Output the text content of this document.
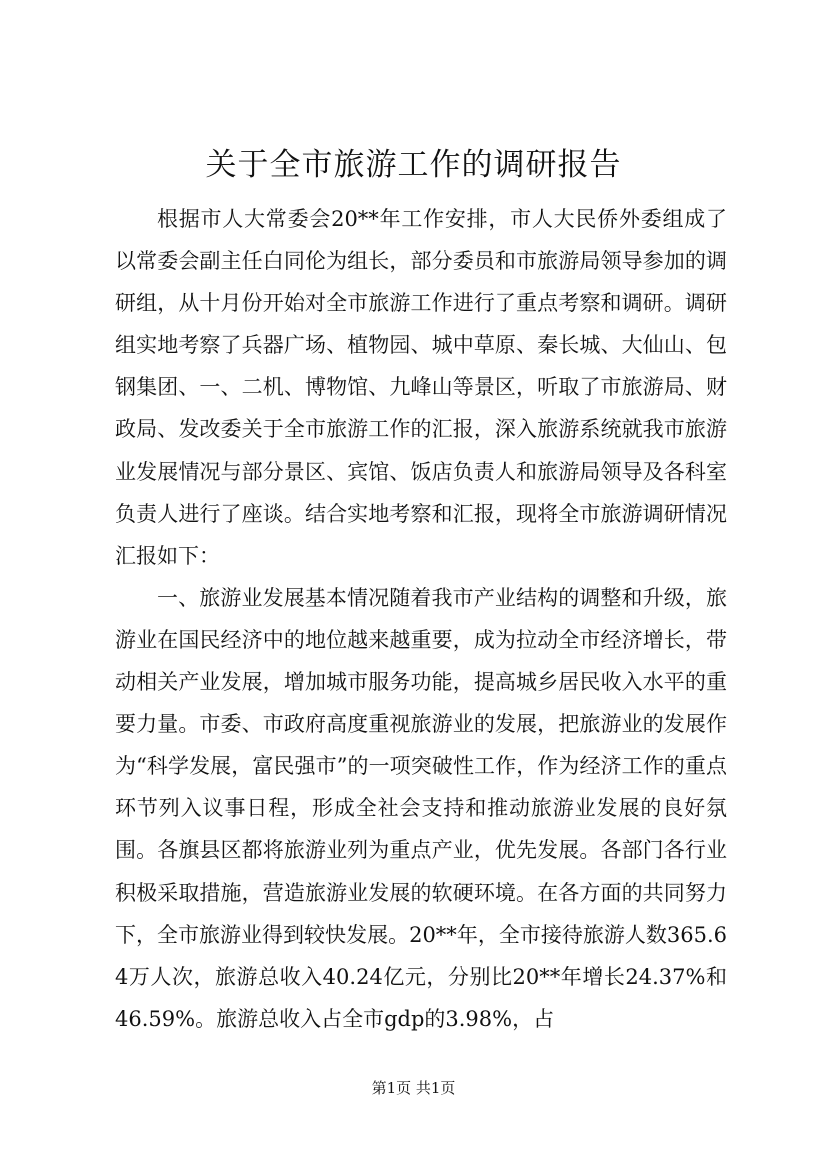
关于全市旅游工作的调研报告

根据市人大常委会20**年工作安排，市人大民侨外委组成了以常委会副主任白同伦为组长，部分委员和市旅游局领导参加的调研组，从十月份开始对全市旅游工作进行了重点考察和调研。调研组实地考察了兵器广场、植物园、城中草原、秦长城、大仙山、包钢集团、一、二机、博物馆、九峰山等景区，听取了市旅游局、财政局、发改委关于全市旅游工作的汇报，深入旅游系统就我市旅游业发展情况与部分景区、宾馆、饭店负责人和旅游局领导及各科室负责人进行了座谈。结合实地考察和汇报，现将全市旅游调研情况汇报如下：

一、旅游业发展基本情况随着我市产业结构的调整和升级，旅游业在国民经济中的地位越来越重要，成为拉动全市经济增长，带动相关产业发展，增加城市服务功能，提高城乡居民收入水平的重要力量。市委、市政府高度重视旅游业的发展，把旅游业的发展作为“科学发展，富民强市”的一项突破性工作，作为经济工作的重点环节列入议事日程，形成全社会支持和推动旅游业发展的良好氛围。各旗县区都将旅游业列为重点产业，优先发展。各部门各行业积极采取措施，营造旅游业发展的软硬环境。在各方面的共同努力下，全市旅游业得到较快发展。20**年，全市接待旅游人数365.64万人次，旅游总收入40.24亿元，分别比20**年增长24.37%和46.59%。旅游总收入占全市gdp的3.98%，占

第1页 共1页
